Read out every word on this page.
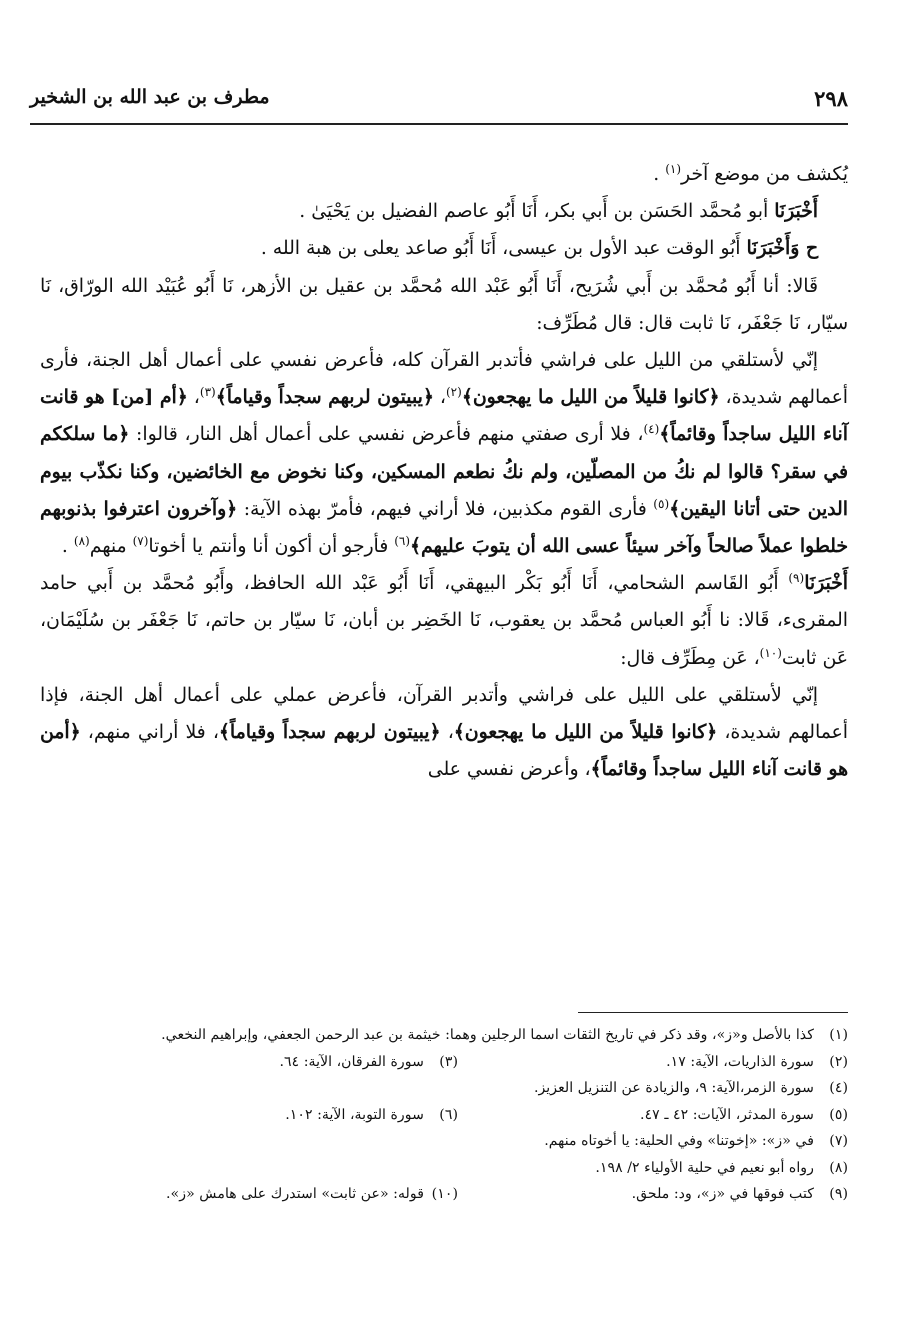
٢٩٨
مطرف بن عبد الله بن الشخير

يُكشف من موضع آخر$^{(١)}$ .

أَخْبَرَنَا أبو مُحمَّد الحَسَن بن أَبي بكر، أَنَا أَبُو عاصم الفضيل بن يَحْيَىٰ .

ح وَأَخْبَرَنَا أَبُو الوقت عبد الأول بن عيسى، أَنَا أَبُو صاعد يعلى بن هبة الله .

قَالا: أنا أَبُو مُحمَّد بن أَبي شُرَيح، أَنَا أَبُو عَبْد الله مُحمَّد بن عقيل بن الأزهر، نَا أَبُو عُبَيْد الله الورّاق، نَا سيّار، نَا جَعْفَر، نَا ثابت قال: قال مُطَرِّف:

إنّي لأستلقي من الليل على فراشي فأتدبر القرآن كله، فأعرض نفسي على أعمال أهل الجنة، فأرى أعمالهم شديدة، ﴿كانوا قليلاً من الليل ما يهجعون﴾$^{(٢)}$، ﴿يبيتون لربهم سجداً وقياماً﴾$^{(٣)}$، ﴿أم [من] هو قانت آناء الليل ساجداً وقائماً﴾$^{(٤)}$، فلا أرى صفتي منهم فأعرض نفسي على أعمال أهل النار، قالوا: ﴿ما سلككم في سقر؟ قالوا لم نكُ من المصلّين، ولم نكُ نطعم المسكين، وكنا نخوض مع الخائضين، وكنا نكذّب بيوم الدين حتى أتانا اليقين﴾$^{(٥)}$ فأرى القوم مكذبين، فلا أراني فيهم، فأمرّ بهذه الآية: ﴿وآخرون اعترفوا بذنوبهم خلطوا عملاً صالحاً وآخر سيئاً عسى الله أن يتوبَ عليهم﴾$^{(٦)}$ فأرجو أن أكون أنا وأنتم يا أخوتا$^{(٧)}$ منهم$^{(٨)}$ .

أَخْبَرَنَا$^{(٩)}$ أَبُو القَاسم الشحامي، أَنَا أَبُو بَكْر البيهقي، أَنَا أَبُو عَبْد الله الحافظ، وأَبُو مُحمَّد بن أَبي حامد المقرىء، قَالا: نا أَبُو العباس مُحمَّد بن يعقوب، نَا الخَضِر بن أبان، نَا سيّار بن حاتم، نَا جَعْفَر بن سُلَيْمَان، عَن ثابت$^{(١٠)}$، عَن مِطَرِّف قال:

إنّي لأستلقي على الليل على فراشي وأتدبر القرآن، فأعرض عملي على أعمال أهل الجنة، فإذا أعمالهم شديدة، ﴿كانوا قليلاً من الليل ما يهجعون﴾، ﴿يبيتون لربهم سجداً وقياماً﴾، فلا أراني منهم، ﴿أمن هو قانت آناء الليل ساجداً وقائماً﴾، وأعرض نفسي على

(١)
كذا بالأصل و«ز»، وقد ذكر في تاريخ الثقات اسما الرجلين وهما: خيثمة بن عبد الرحمن الجعفي، وإبراهيم النخعي.
(٢)
سورة الذاريات، الآية: ١٧.
(٣)
سورة الفرقان، الآية: ٦٤.
(٤)
سورة الزمر،الآية: ٩، والزيادة عن التنزيل العزيز.
(٥)
سورة المدثر، الآيات: ٤٢ ـ ٤٧.
(٦)
سورة التوبة، الآية: ١٠٢.
(٧)
في «ز»: «إخوتنا» وفي الحلية: يا أخوتاه منهم.
(٨)
رواه أبو نعيم في حلية الأولياء ٢/ ١٩٨.
(٩)
كتب فوقها في «ز»، ود: ملحق.
(١٠)
قوله: «عن ثابت» استدرك على هامش «ز».
